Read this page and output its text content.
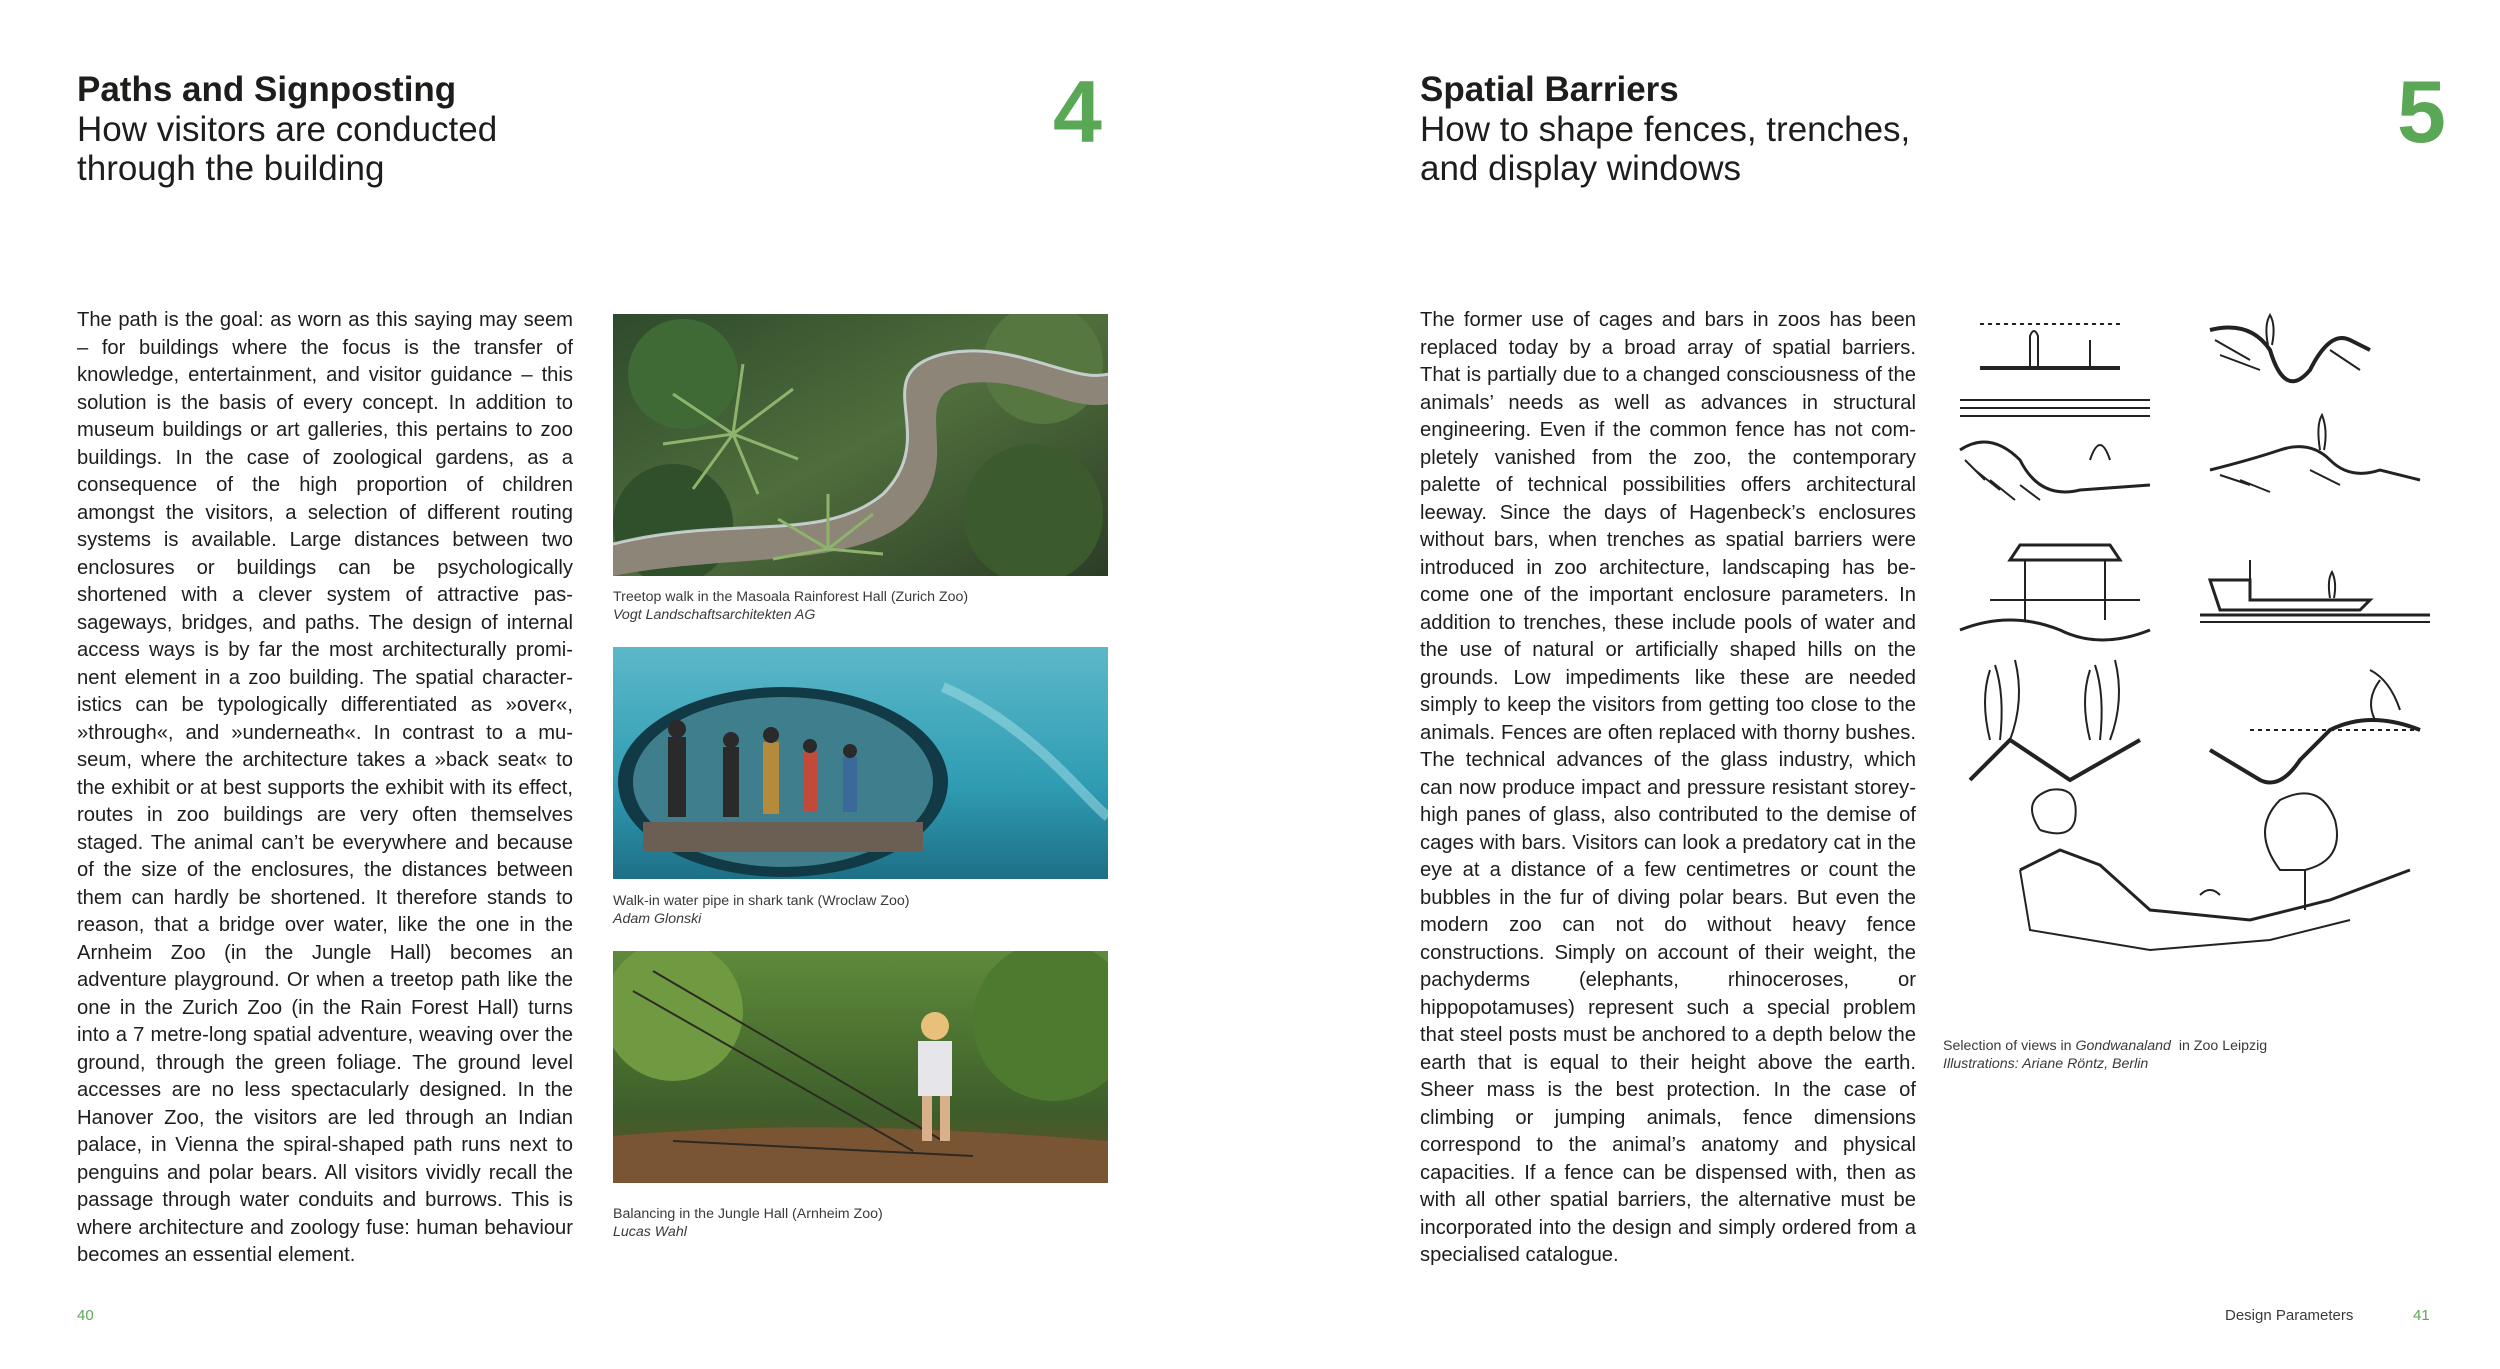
Paths and Signposting
How visitors are conducted
through the building
4

The path is the goal: as worn as this saying may seem – for buildings where the focus is the transfer of knowledge, entertainment, and visitor guidance – this solution is the basis of every concept. In addition to museum buildings or art galleries, this pertains to zoo buildings. In the case of zoological gardens, as a consequence of the high proportion of children amongst the visitors, a selection of different routing systems is available. Large distances between two enclosures or buildings can be psychologically shortened with a clever system of attractive passageways, bridges, and paths. The design of internal access ways is by far the most architecturally prominent element in a zoo building. The spatial characteristics can be typologically differentiated as »over«, »through«, and »underneath«. In contrast to a museum, where the architecture takes a »back seat« to the exhibit or at best supports the exhibit with its effect, routes in zoo buildings are very often themselves staged. The animal can’t be everywhere and because of the size of the enclosures, the distances between them can hardly be shortened. It therefore stands to reason, that a bridge over water, like the one in the Arnheim Zoo (in the Jungle Hall) becomes an adventure playground. Or when a treetop path like the one in the Zurich Zoo (in the Rain Forest Hall) turns into a 7 metre-long spatial adventure, weaving over the ground, through the green foliage. The ground level accesses are no less spectacularly designed. In the Hanover Zoo, the visitors are led through an Indian palace, in Vienna the spiral-shaped path runs next to penguins and polar bears. All visitors vividly recall the passage through water conduits and burrows. This is where architecture and zoology fuse: human behaviour becomes an essential element.

Treetop walk in the Masoala Rainforest Hall (Zurich Zoo)
Vogt Landschaftsarchitekten AG
Walk-in water pipe in shark tank (Wroclaw Zoo)
Adam Glonski
Balancing in the Jungle Hall (Arnheim Zoo)
Lucas Wahl
40
Spatial Barriers
How to shape fences, trenches,
and display windows
5

The former use of cages and bars in zoos has been replaced today by a broad array of spatial barriers. That is partially due to a changed consciousness of the animals’ needs as well as advances in structural engineering. Even if the common fence has not completely vanished from the zoo, the contemporary palette of technical possibilities offers architectural leeway. Since the days of Hagenbeck’s enclosures without bars, when trenches as spatial barriers were introduced in zoo architecture, landscaping has become one of the important enclosure parameters. In addition to trenches, these include pools of water and the use of natural or artificially shaped hills on the grounds. Low impediments like these are needed simply to keep the visitors from getting too close to the animals. Fences are often replaced with thorny bushes. The technical advances of the glass industry, which can now produce impact and pressure resistant storey-high panes of glass, also contributed to the demise of cages with bars. Visitors can look a predatory cat in the eye at a distance of a few centimetres or count the bubbles in the fur of diving polar bears. But even the modern zoo can not do without heavy fence constructions. Simply on account of their weight, the pachyderms (elephants, rhinoceroses, or hippopotamuses) represent such a special problem that steel posts must be anchored to a depth below the earth that is equal to their height above the earth. Sheer mass is the best protection. In the case of climbing or jumping animals, fence dimensions correspond to the animal’s anatomy and physical capacities. If a fence can be dispensed with, then as with all other spatial barriers, the alternative must be incorporated into the design and simply ordered from a specialised catalogue.

Selection of views in Gondwanaland  in Zoo Leipzig
Illustrations: Ariane Röntz, Berlin
Design Parameters	41
